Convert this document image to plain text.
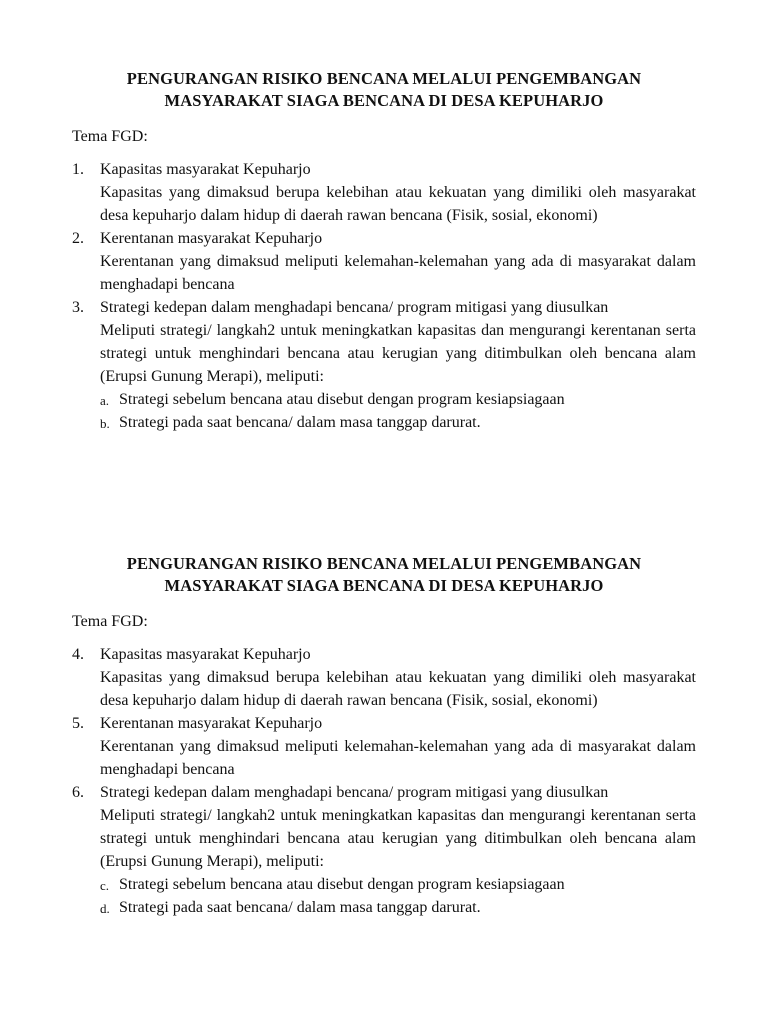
PENGURANGAN RISIKO BENCANA MELALUI PENGEMBANGAN
MASYARAKAT SIAGA BENCANA DI DESA KEPUHARJO

Tema FGD:

1. Kapasitas masyarakat Kepuharjo
Kapasitas yang dimaksud berupa kelebihan atau kekuatan yang dimiliki oleh masyarakat desa kepuharjo dalam hidup di daerah rawan bencana (Fisik, sosial, ekonomi)
2. Kerentanan masyarakat Kepuharjo
Kerentanan yang dimaksud meliputi kelemahan-kelemahan yang ada di masyarakat dalam menghadapi bencana
3. Strategi kedepan dalam menghadapi bencana/ program mitigasi yang diusulkan
Meliputi strategi/ langkah2 untuk meningkatkan kapasitas dan mengurangi kerentanan serta strategi untuk menghindari bencana atau kerugian yang ditimbulkan oleh bencana alam (Erupsi Gunung Merapi), meliputi:
a. Strategi sebelum bencana atau disebut dengan program kesiapsiagaan
b. Strategi pada saat bencana/ dalam masa tanggap darurat.
PENGURANGAN RISIKO BENCANA MELALUI PENGEMBANGAN
MASYARAKAT SIAGA BENCANA DI DESA KEPUHARJO

Tema FGD:

4. Kapasitas masyarakat Kepuharjo
Kapasitas yang dimaksud berupa kelebihan atau kekuatan yang dimiliki oleh masyarakat desa kepuharjo dalam hidup di daerah rawan bencana (Fisik, sosial, ekonomi)
5. Kerentanan masyarakat Kepuharjo
Kerentanan yang dimaksud meliputi kelemahan-kelemahan yang ada di masyarakat dalam menghadapi bencana
6. Strategi kedepan dalam menghadapi bencana/ program mitigasi yang diusulkan
Meliputi strategi/ langkah2 untuk meningkatkan kapasitas dan mengurangi kerentanan serta strategi untuk menghindari bencana atau kerugian yang ditimbulkan oleh bencana alam (Erupsi Gunung Merapi), meliputi:
c. Strategi sebelum bencana atau disebut dengan program kesiapsiagaan
d. Strategi pada saat bencana/ dalam masa tanggap darurat.
